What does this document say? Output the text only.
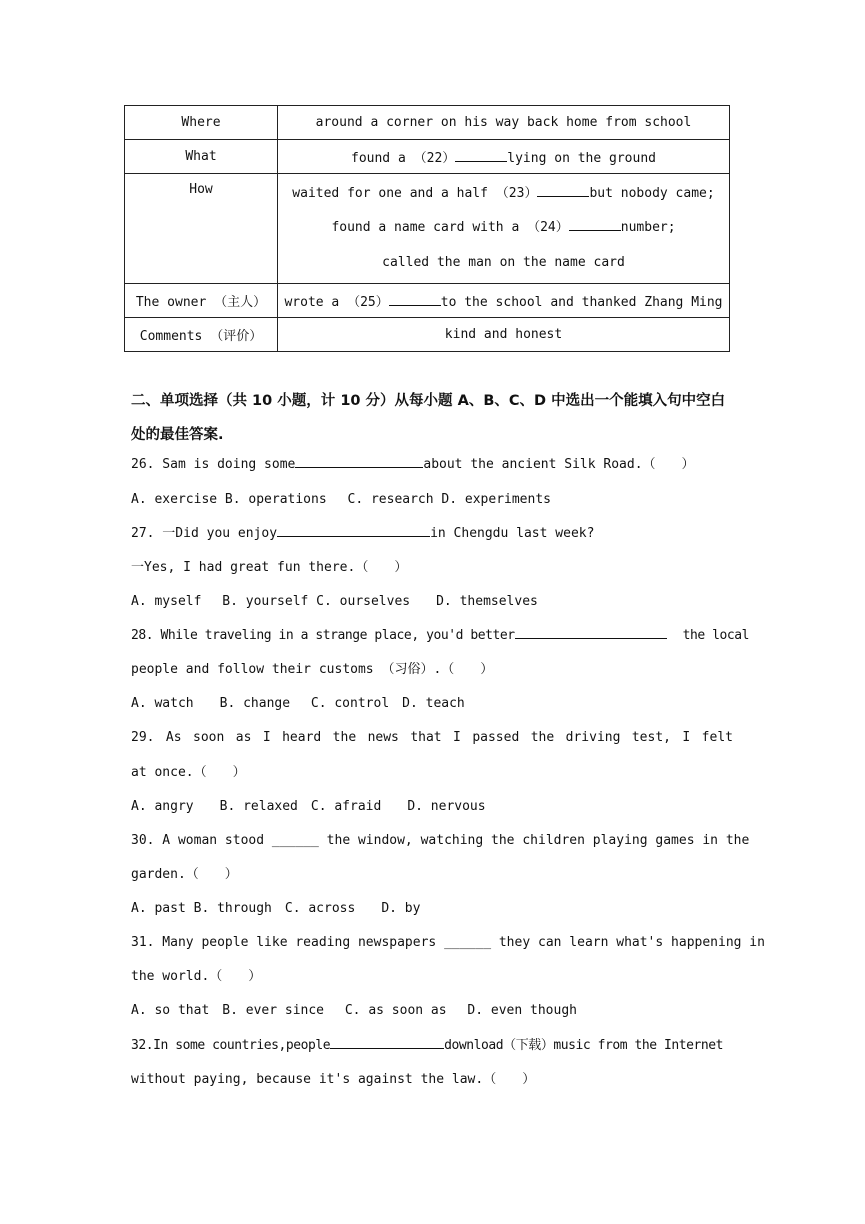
Where	around a corner on his way back home from school
What	found a （22） lying on the ground
How	waited for one and a half （23） but nobody came;
found a name card with a （24） number;
called the man on the name card

The owner （主人）	wrote a （25） to the school and thanked Zhang Ming
Comments （评价）	kind and honest
二、单项选择（共 10 小题，计 10 分）从每小题 A、B、C、D 中选出一个能填入句中空白处的最佳答案.
26. Sam is doing some	about the ancient Silk Road.（　　）
A. exercise B. operations　 C. research D. experiments
27. 一Did you enjoy	in Chengdu last week?
一Yes, I had great fun there.（　　）
A. myself　 B. yourself C. ourselves　　D. themselves
28. While traveling in a strange place, you'd better	the local
people and follow their customs （习俗）.（　　）
A. watch　　B. change　 C. control　D. teach
29. As soon as I heard the news that I passed the driving test, I felt
at once.（　　）
A. angry　　B. relaxed　C. afraid　　D. nervous
30. A woman stood ______ the window, watching the children playing games in the
garden.（　　）
A. past B. through　C. across　　D. by
31. Many people like reading newspapers ______ they can learn what's happening in
the world.（　　）
A. so that　B. ever since　 C. as soon as　 D. even though
32.In some countries,people	download（下载）music from the Internet
without paying, because it's against the law.（　　）
